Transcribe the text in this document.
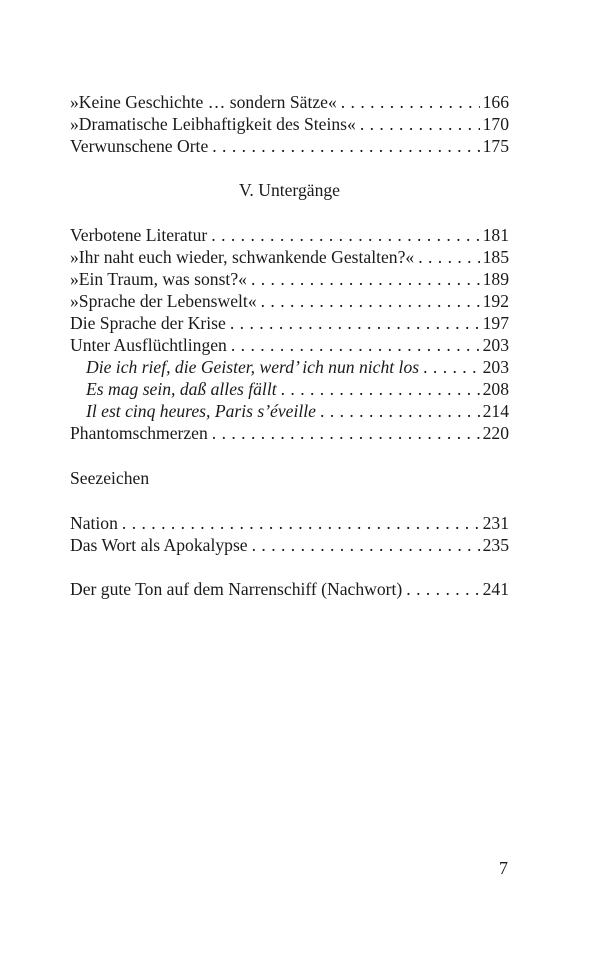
»Keine Geschichte … sondern Sätze« . . .	166
»Dramatische Leibhaftigkeit des Steins« . . .	170
Verwunschene Orte . . .	175
V. Untergänge
Verbotene Literatur . . .	181
»Ihr naht euch wieder, schwankende Gestalten?« . . .	185
»Ein Traum, was sonst?« . . .	189
»Sprache der Lebenswelt« . . .	192
Die Sprache der Krise . . .	197
Unter Ausflüchtlingen . . .	203
Die ich rief, die Geister, werd’ ich nun nicht los . . .	203
Es mag sein, daß alles fällt . . .	208
Il est cinq heures, Paris s’éveille . . .	214
Phantomschmerzen . . .	220
Seezeichen
Nation . . .	231
Das Wort als Apokalypse . . .	235
Der gute Ton auf dem Narrenschiff (Nachwort) . . .	241
7
